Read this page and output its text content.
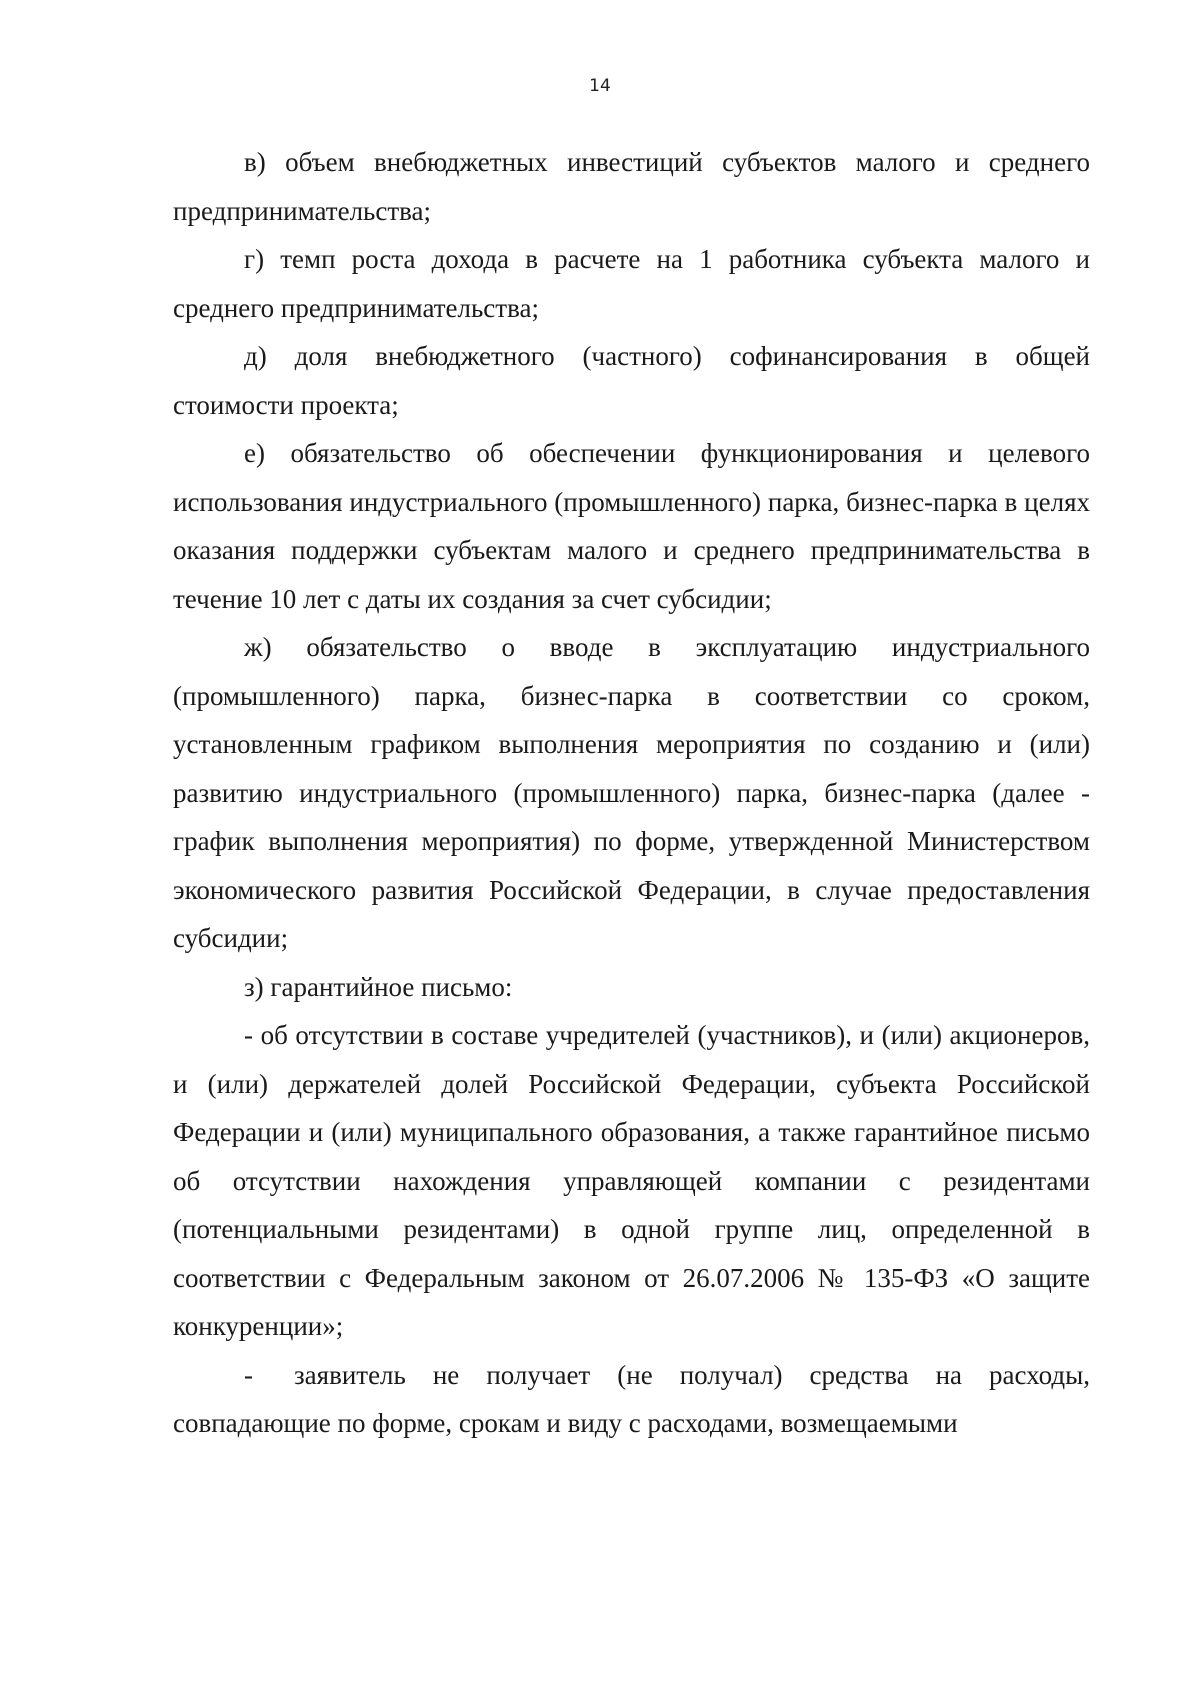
14

в) объем внебюджетных инвестиций субъектов малого и среднего предпринимательства;

г) темп роста дохода в расчете на 1 работника субъекта малого и среднего предпринимательства;

д) доля внебюджетного (частного) софинансирования в общей стоимости проекта;

е) обязательство об обеспечении функционирования и целевого использования индустриального (промышленного) парка, бизнес-парка в целях оказания поддержки субъектам малого и среднего предпринимательства в течение 10 лет с даты их создания за счет субсидии;

ж) обязательство о вводе в эксплуатацию индустриального (промышленного) парка, бизнес-парка в соответствии со сроком, установленным графиком выполнения мероприятия по созданию и (или) развитию индустриального (промышленного) парка, бизнес-парка (далее - график выполнения мероприятия) по форме, утвержденной Министерством экономического развития Российской Федерации, в случае предоставления субсидии;

з) гарантийное письмо:

- об отсутствии в составе учредителей (участников), и (или) акционеров, и (или) держателей долей Российской Федерации, субъекта Российской Федерации и (или) муниципального образования, а также гарантийное письмо об отсутствии нахождения управляющей компании с резидентами (потенциальными резидентами) в одной группе лиц, определенной в соответствии с Федеральным законом от 26.07.2006 № 135-ФЗ «О защите конкуренции»;

- заявитель не получает (не получал) средства на расходы, совпадающие по форме, срокам и виду с расходами, возмещаемыми
